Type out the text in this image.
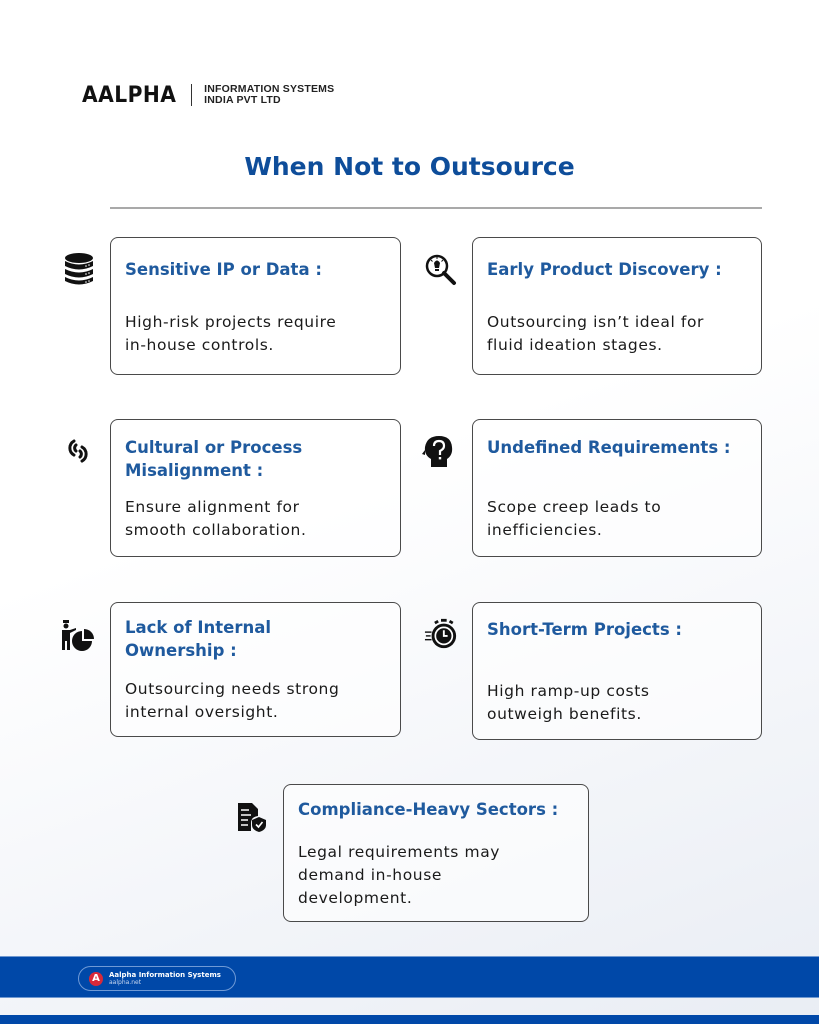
AALPHA	INFORMATION SYSTEMS
INDIA PVT LTD
When Not to Outsource
Sensitive IP or Data :
High-risk projects require
in-house controls.
Early Product Discovery :
Outsourcing isn’t ideal for
fluid ideation stages.
Cultural or Process
Misalignment :
Ensure alignment for
smooth collaboration.
Undefined Requirements :
Scope creep leads to
inefficiencies.
Lack of Internal
Ownership :
Outsourcing needs strong
internal oversight.
Short-Term Projects :
High ramp-up costs
outweigh benefits.
Compliance-Heavy Sectors :
Legal requirements may
demand in-house
development.
A	Aalpha Information Systems
aalpha.net
